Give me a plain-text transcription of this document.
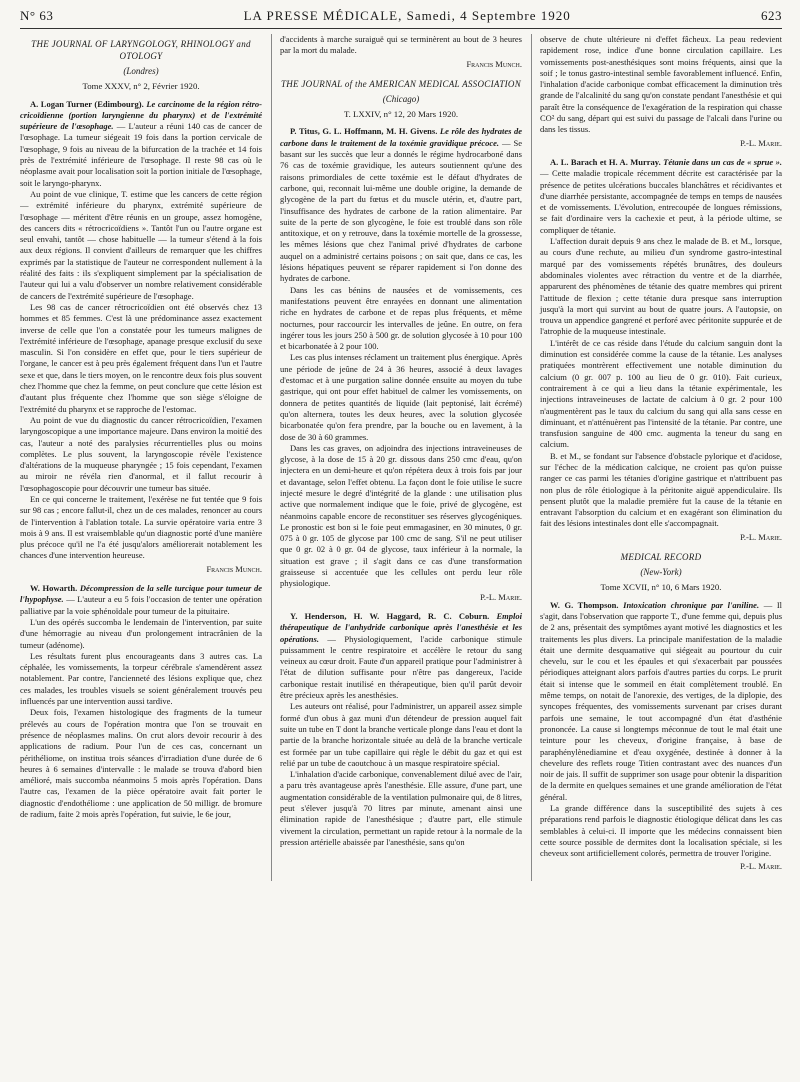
N° 63	LA PRESSE MÉDICALE, Samedi, 4 Septembre 1920	623
THE JOURNAL OF LARYNGOLOGY, RHINOLOGY and OTOLOGY
(Londres)
Tome XXXV, n° 2, Février 1920.

A. Logan Turner (Edimbourg). Le carcinome de la région rétro-cricoïdienne (portion laryngienne du pharynx) et de l'extrémité supérieure de l'œsophage. — L'auteur a réuni 140 cas de cancer de l'œsophage. La tumeur siégeait 19 fois dans la portion cervicale de l'œsophage, 9 fois au niveau de la bifurcation de la trachée et 14 fois près de l'extrémité inférieure de l'œsophage. Il reste 98 cas où le néoplasme avait pour localisation soit la portion initiale de l'œsophage, soit le laryngo-pharynx.

Au point de vue clinique, T. estime que les cancers de cette région — extrémité inférieure du pharynx, extrémité supérieure de l'œsophage — méritent d'être réunis en un groupe, assez homogène, des cancers dits « rétrocricoïdiens ». Tantôt l'un ou l'autre organe est seul envahi, tantôt — chose habituelle — la tumeur s'étend à la fois aux deux régions. Il convient d'ailleurs de remarquer que les chiffres exprimés par la statistique de l'auteur ne correspondent nullement à la réalité des faits : ils s'expliquent simplement par la spécialisation de l'auteur qui lui a valu d'observer un nombre relativement considérable de cancers de l'extrémité supérieure de l'œsophage.

Les 98 cas de cancer rétrocricoïdien ont été observés chez 13 hommes et 85 femmes. C'est là une prédominance assez exactement inverse de celle que l'on a constatée pour les tumeurs malignes de l'extrémité inférieure de l'œsophage, apanage presque exclusif du sexe masculin. Si l'on considère en effet que, pour le tiers supérieur de l'organe, le cancer est à peu près également fréquent dans l'un et l'autre sexe et que, dans le tiers moyen, on le rencontre deux fois plus souvent chez l'homme que chez la femme, on peut conclure que cette lésion est d'autant plus fréquente chez l'homme que son siège s'éloigne de l'extrémité du pharynx et se rapproche de l'estomac.

Au point de vue du diagnostic du cancer rétrocricoïdien, l'examen laryngoscopique a une importance majeure. Dans environ la moitié des cas, l'auteur a noté des paralysies récurrentielles plus ou moins complètes. Le plus souvent, la laryngoscopie révèle l'existence d'altérations de la muqueuse pharyngée ; 15 fois cependant, l'examen au miroir ne révéla rien d'anormal, et il fallut recourir à l'œsophagoscopie pour découvrir une tumeur bas située.

En ce qui concerne le traitement, l'exérèse ne fut tentée que 9 fois sur 98 cas ; encore fallut-il, chez un de ces malades, renoncer au cours de l'intervention à l'ablation totale. La survie opératoire varia entre 3 mois à 9 ans. Il est vraisemblable qu'un diagnostic porté d'une manière plus précoce qu'il ne l'a été jusqu'alors améliorerait notablement les chances d'une intervention heureuse.

Francis Munch.

W. Howarth. Décompression de la selle turcique pour tumeur de l'hypophyse. — L'auteur a eu 5 fois l'occasion de tenter une opération palliative par la voie sphénoïdale pour tumeur de la pituitaire.

L'un des opérés succomba le lendemain de l'intervention, par suite d'une hémorragie au niveau d'un prolongement intracrânien de la tumeur (adénome).

Les résultats furent plus encourageants dans 3 autres cas. La céphalée, les vomissements, la torpeur cérébrale s'amendèrent assez notablement. Par contre, l'ancienneté des lésions explique que, chez ces malades, les troubles visuels se soient généralement trouvés peu influencés par une intervention aussi tardive.

Deux fois, l'examen histologique des fragments de la tumeur prélevés au cours de l'opération montra que l'on se trouvait en présence de néoplasmes malins. On crut alors devoir recourir à des applications de radium. Pour l'un de ces cas, concernant un périthéliome, on institua trois séances d'irradiation d'une durée de 6 heures à 6 semaines d'intervalle : le malade se trouva d'abord bien amélioré, mais succomba néanmoins 5 mois après l'opération. Dans l'autre cas, l'examen de la pièce opératoire avait fait porter le diagnostic d'endothéliome : une application de 50 milligr. de bromure de radium, faite 2 mois après l'opération, fut suivie, le 6e jour,

d'accidents à marche suraiguë qui se terminèrent au bout de 3 heures par la mort du malade.

Francis Munch.
THE JOURNAL of the AMERICAN MEDICAL ASSOCIATION
(Chicago)
T. LXXIV, n° 12, 20 Mars 1920.

P. Titus, G. L. Hoffmann, M. H. Givens. Le rôle des hydrates de carbone dans le traitement de la toxémie gravidique précoce. — Se basant sur les succès que leur a donnés le régime hydrocarboné dans 76 cas de toxémie gravidique, les auteurs soutiennent qu'une des raisons primordiales de cette toxémie est le défaut d'hydrates de carbone, qui, reconnait lui-même une double origine, la demande de glycogène de la part du fœtus et du muscle utérin, et, d'autre part, l'insuffisance des hydrates de carbone de la ration alimentaire. Par suite de la perte de son glycogène, le foie est troublé dans son rôle antitoxique, et on y retrouve, dans la toxémie mortelle de la grossesse, les mêmes lésions que chez l'animal privé d'hydrates de carbone auquel on a administré certains poisons ; on sait que, dans ce cas, les lésions hépatiques peuvent se réparer rapidement si l'on donne des hydrates de carbone.

Dans les cas bénins de nausées et de vomissements, ces manifestations peuvent être enrayées en donnant une alimentation riche en hydrates de carbone et de repas plus fréquents, et même nocturnes, pour raccourcir les intervalles de jeûne. En outre, on fera ingérer tous les jours 250 à 500 gr. de solution glycosée à 10 pour 100 et bicarbonatée à 2 pour 100.

Les cas plus intenses réclament un traitement plus énergique. Après une période de jeûne de 24 à 36 heures, associé à deux lavages d'estomac et à une purgation saline donnée ensuite au moyen du tube gastrique, qui ont pour effet habituel de calmer les vomissements, on donnera de petites quantités de liquide (lait peptonisé, lait écrémé) qu'on alternera, toutes les deux heures, avec la solution glycosée bicarbonatée qu'on fera prendre, par la bouche ou en lavement, à la dose de 30 à 60 grammes.

Dans les cas graves, on adjoindra des injections intraveineuses de glycose, à la dose de 15 à 20 gr. dissous dans 250 cmc d'eau, qu'on injectera en un demi-heure et qu'on répétera deux à trois fois par jour et davantage, selon l'effet obtenu. La façon dont le foie utilise le sucre injecté mesure le degré d'intégrité de la glande : une utilisation plus active que normalement indique que le foie, privé de glycogène, est néanmoins capable encore de reconstituer ses réserves glycogéniques. Le pronostic est bon si le foie peut emmagasiner, en 30 minutes, 0 gr. 075 à 0 gr. 105 de glycose par 100 cmc de sang. S'il ne peut utiliser que 0 gr. 02 à 0 gr. 04 de glycose, taux inférieur à la normale, la situation est grave ; il s'agit dans ce cas d'une transformation graisseuse si accentuée que les cellules ont perdu leur rôle physiologique.

P.-L. Marie.

Y. Henderson, H. W. Haggard, R. C. Coburn. Emploi thérapeutique de l'anhydride carbonique après l'anesthésie et les opérations. — Physiologiquement, l'acide carbonique stimule puissamment le centre respiratoire et accélère le retour du sang veineux au cœur droit. Faute d'un appareil pratique pour l'administrer à l'état de dilution suffisante pour n'être pas dangereux, l'acide carbonique restait inutilisé en thérapeutique, bien qu'il parût devoir être précieux après les anesthésies.

Les auteurs ont réalisé, pour l'administrer, un appareil assez simple formé d'un obus à gaz muni d'un détendeur de pression auquel fait suite un tube en T dont la branche verticale plonge dans l'eau et dont la partie de la branche horizontale située au delà de la branche verticale est formée par un tube capillaire qui règle le débit du gaz et qui est relié par un tube de caoutchouc à un masque respiratoire spécial.

L'inhalation d'acide carbonique, convenablement dilué avec de l'air, a paru très avantageuse après l'anesthésie. Elle assure, d'une part, une augmentation considérable de la ventilation pulmonaire qui, de 8 litres, peut s'élever jusqu'à 70 litres par minute, amenant ainsi une élimination rapide de l'anesthésique ; d'autre part, elle stimule vivement la circulation, permettant un rapide retour à la normale de la pression artérielle abaissée par l'anesthésie, sans qu'on

observe de chute ultérieure ni d'effet fâcheux. La peau redevient rapidement rose, indice d'une bonne circulation capillaire. Les vomissements post-anesthésiques sont moins fréquents, ainsi que la soif ; le tonus gastro-intestinal semble favorablement influencé. Enfin, l'inhalation d'acide carbonique combat efficacement la diminution très grande de l'alcalinité du sang qu'on constate pendant l'anesthésie et qui paraît être la conséquence de l'exagération de la respiration qui chasse CO² du sang, départ qui est suivi du passage de l'alcali dans l'urine ou dans les tissus.

P.-L. Marie.

A. L. Barach et H. A. Murray. Tétanie dans un cas de « sprue ». — Cette maladie tropicale récemment décrite est caractérisée par la présence de petites ulcérations buccales blanchâtres et récidivantes et d'une diarrhée persistante, accompagnée de temps en temps de nausées et de vomissements. L'évolution, entrecoupée de longues rémissions, se fait d'ordinaire vers la cachexie et peut, à la période ultime, se compliquer de tétanie.

L'affection durait depuis 9 ans chez le malade de B. et M., lorsque, au cours d'une rechute, au milieu d'un syndrome gastro-intestinal marqué par des vomissements répétés brunâtres, des douleurs abdominales violentes avec rétraction du ventre et de la diarrhée, apparurent des phénomènes de tétanie des quatre membres qui prirent l'attitude de flexion ; cette tétanie dura presque sans interruption jusqu'à la mort qui survint au bout de quatre jours. A l'autopsie, on trouva un appendice gangrené et perforé avec péritonite suppurée et de l'atrophie de la muqueuse intestinale.

L'intérêt de ce cas réside dans l'étude du calcium sanguin dont la diminution est considérée comme la cause de la tétanie. Les analyses pratiquées montrèrent effectivement une notable diminution du calcium (0 gr. 007 p. 100 au lieu de 0 gr. 010). Fait curieux, contrairement à ce qui a lieu dans la tétanie expérimentale, les injections intraveineuses de lactate de calcium à 0 gr. 2 pour 100 n'augmentèrent pas le taux du calcium du sang qui alla sans cesse en diminuant, et n'atténuèrent pas l'intensité de la tétanie. Par contre, une transfusion sanguine de 400 cmc. augmenta la teneur du sang en calcium.

B. et M., se fondant sur l'absence d'obstacle pylorique et d'acidose, sur l'échec de la médication calcique, ne croient pas qu'on puisse ranger ce cas parmi les tétanies d'origine gastrique et n'attribuent pas non plus de rôle étiologique à la péritonite aiguë appendiculaire. Ils pensent plutôt que la maladie première fut la cause de la tétanie en entravant l'absorption du calcium et en exagérant son élimination du fait des lésions intestinales dont elle s'accompagnait.

P.-L. Marie.
MEDICAL RECORD
(New-York)
Tome XCVII, n° 10, 6 Mars 1920.

W. G. Thompson. Intoxication chronique par l'aniline. — Il s'agit, dans l'observation que rapporte T., d'une femme qui, depuis plus de 2 ans, présentait des symptômes ayant motivé les diagnostics et les traitements les plus divers. La principale manifestation de la maladie était une dermite desquamative qui siégeait au pourtour du cuir chevelu, sur le cou et les épaules et qui s'exacerbait par poussées périodiques atteignant alors parfois d'autres parties du corps. Le prurit était si intense que le sommeil en était complètement troublé. En même temps, on notait de l'anorexie, des vertiges, de la diplopie, des syncopes fréquentes, des vomissements survenant par crises durant parfois une semaine, le tout accompagné d'un état d'asthénie prononcée. La cause si longtemps méconnue de tout le mal était une teinture pour les cheveux, d'origine française, à base de paraphénylènediamine et d'eau oxygénée, destinée à donner à la chevelure des reflets rouge Titien contrastant avec des nuances d'un noir de jais. Il suffit de supprimer son usage pour obtenir la disparition de la dermite en quelques semaines et une grande amélioration de l'état général.

La grande différence dans la susceptibilité des sujets à ces préparations rend parfois le diagnostic étiologique délicat dans les cas semblables à celui-ci. Il importe que les médecins connaissent bien cette source possible de dermites dont la localisation spéciale, si les cheveux sont artificiellement colorés, permettra de trouver l'origine.

P.-L. Marie.
